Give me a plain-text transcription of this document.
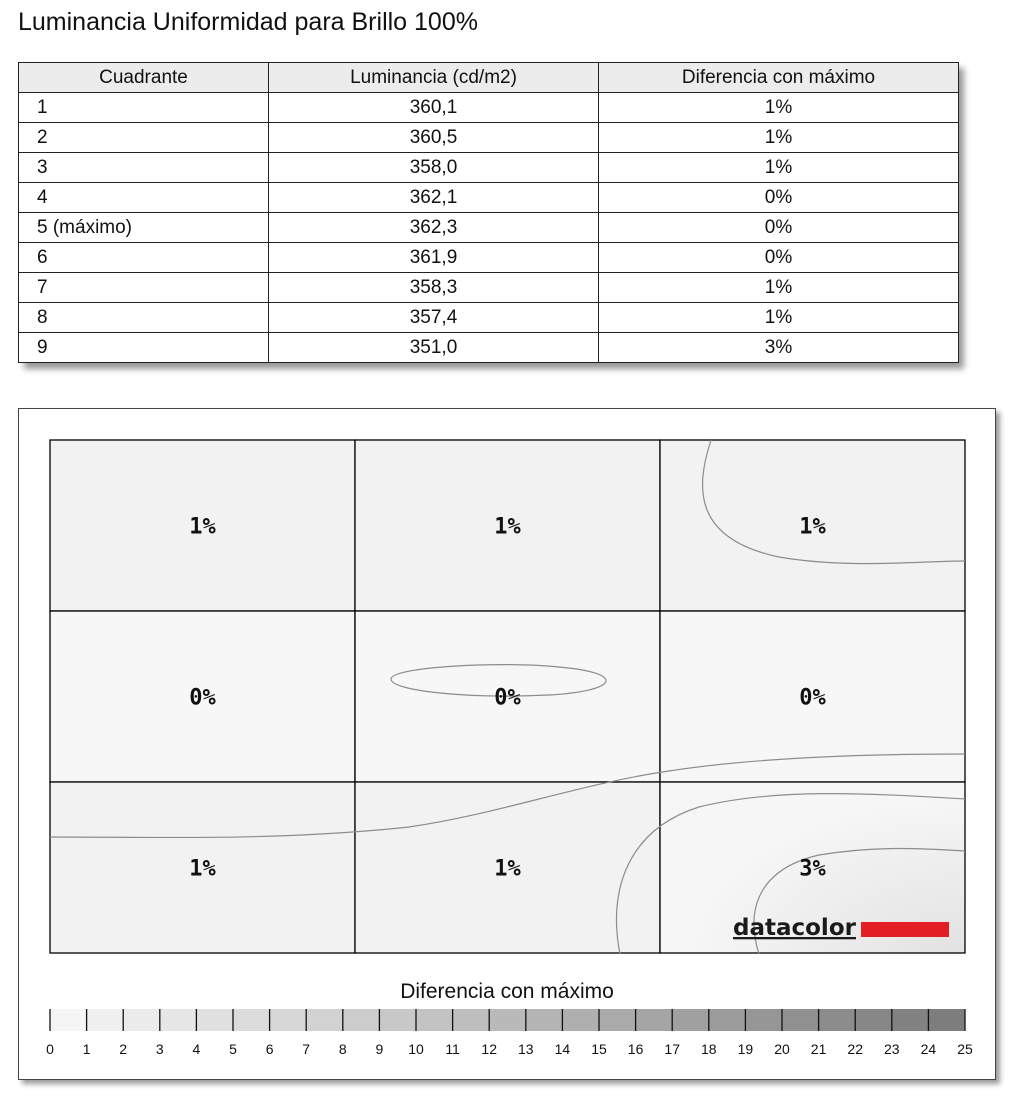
Luminancia Uniformidad para Brillo 100%
Cuadrante	Luminancia (cd/m2)	Diferencia con máximo
1	360,1	1%
2	360,5	1%
3	358,0	1%
4	362,1	0%
5 (máximo)	362,3	0%
6	361,9	0%
7	358,3	1%
8	357,4	1%
9	351,0	3%
1%	1%	1%
0%	0%	0%
1%	1%	3%
datacolor
Diferencia con máximo
0 1 2 3 4 5 6 7 8 9 10 11 12 13 14 15 16 17 18 19 20 21 22 23 24 25
